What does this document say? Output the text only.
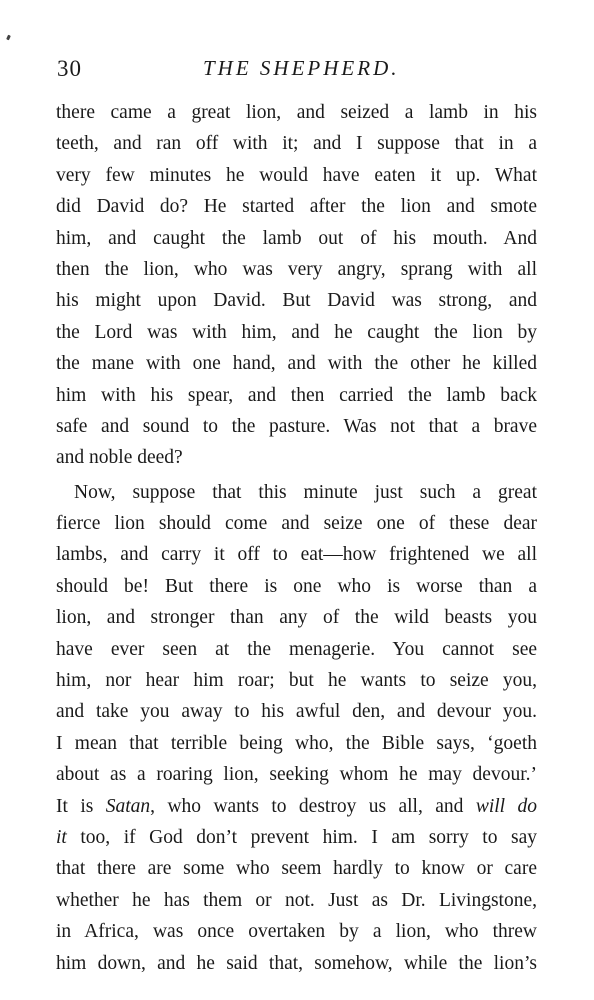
30	THE SHEPHERD.
there came a great lion, and seized a lamb in his
teeth, and ran off with it; and I suppose that in a
very few minutes he would have eaten it up. What
did David do? He started after the lion and smote
him, and caught the lamb out of his mouth. And
then the lion, who was very angry, sprang with all
his might upon David. But David was strong, and
the Lord was with him, and he caught the lion by
the mane with one hand, and with the other he killed
him with his spear, and then carried the lamb back
safe and sound to the pasture. Was not that a brave
and noble deed?
Now, suppose that this minute just such a great
fierce lion should come and seize one of these dear
lambs, and carry it off to eat—how frightened we all
should be! But there is one who is worse than a
lion, and stronger than any of the wild beasts you
have ever seen at the menagerie. You cannot see
him, nor hear him roar; but he wants to seize you,
and take you away to his awful den, and devour you.
I mean that terrible being who, the Bible says, ‘goeth
about as a roaring lion, seeking whom he may devour.’
It is Satan, who wants to destroy us all, and will do
it too, if God don’t prevent him. I am sorry to say
that there are some who seem hardly to know or care
whether he has them or not. Just as Dr. Livingstone,
in Africa, was once overtaken by a lion, who threw
him down, and he said that, somehow, while the lion’s
